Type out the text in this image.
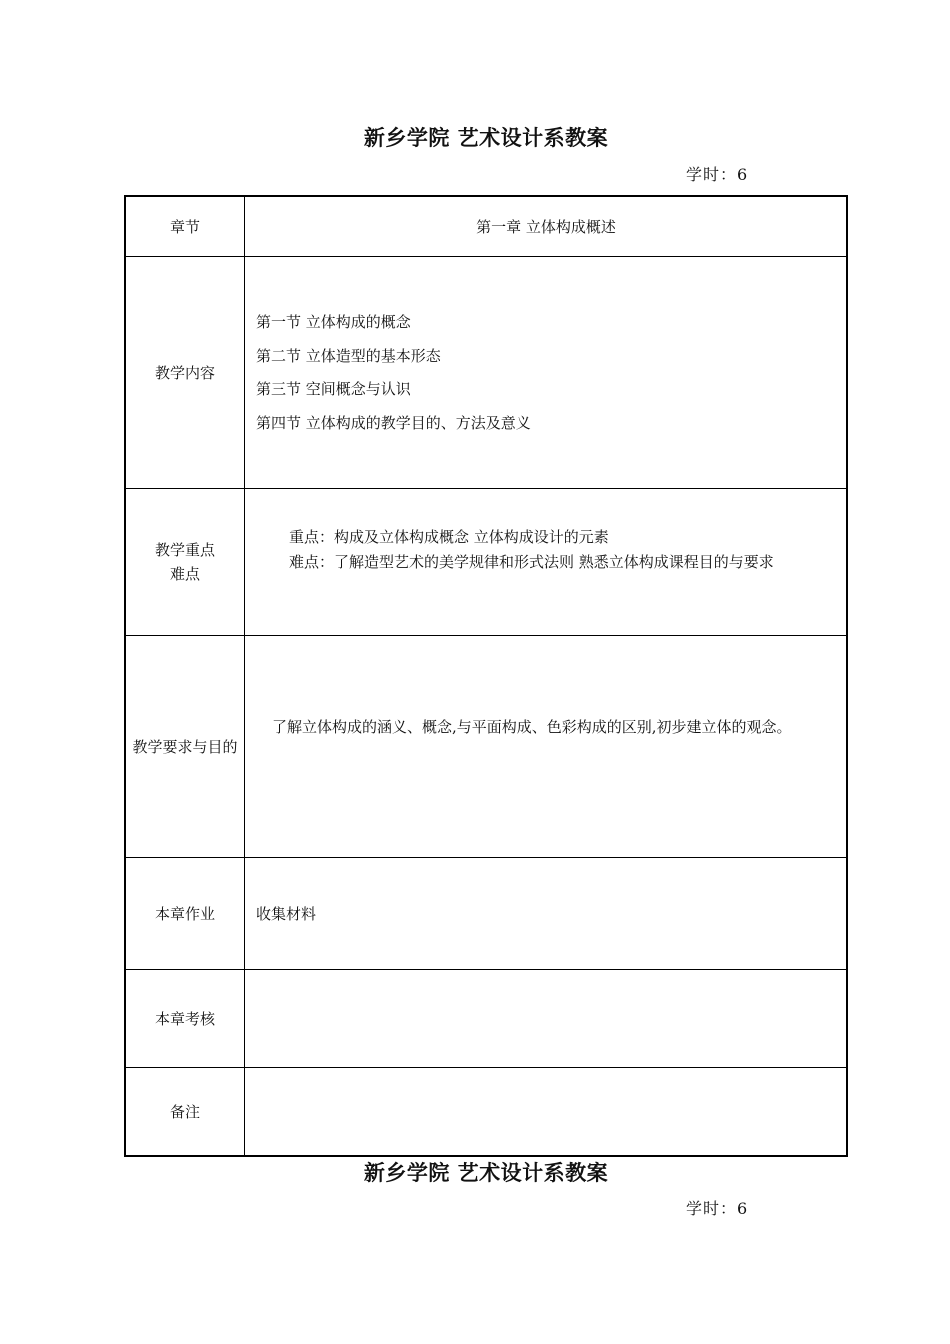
新乡学院 艺术设计系教案
学时：6
章节	第一章 立体构成概述
教学内容
第一节 立体构成的概念
第二节 立体造型的基本形态
第三节 空间概念与认识
第四节 立体构成的教学目的、方法及意义
教学重点
难点
重点：构成及立体构成概念 立体构成设计的元素
难点：了解造型艺术的美学规律和形式法则 熟悉立体构成课程目的与要求
教学要求与目的
了解立体构成的涵义、概念,与平面构成、色彩构成的区别,初步建立体的观念。
本章作业	收集材料
本章考核
备注
新乡学院 艺术设计系教案
学时：6
